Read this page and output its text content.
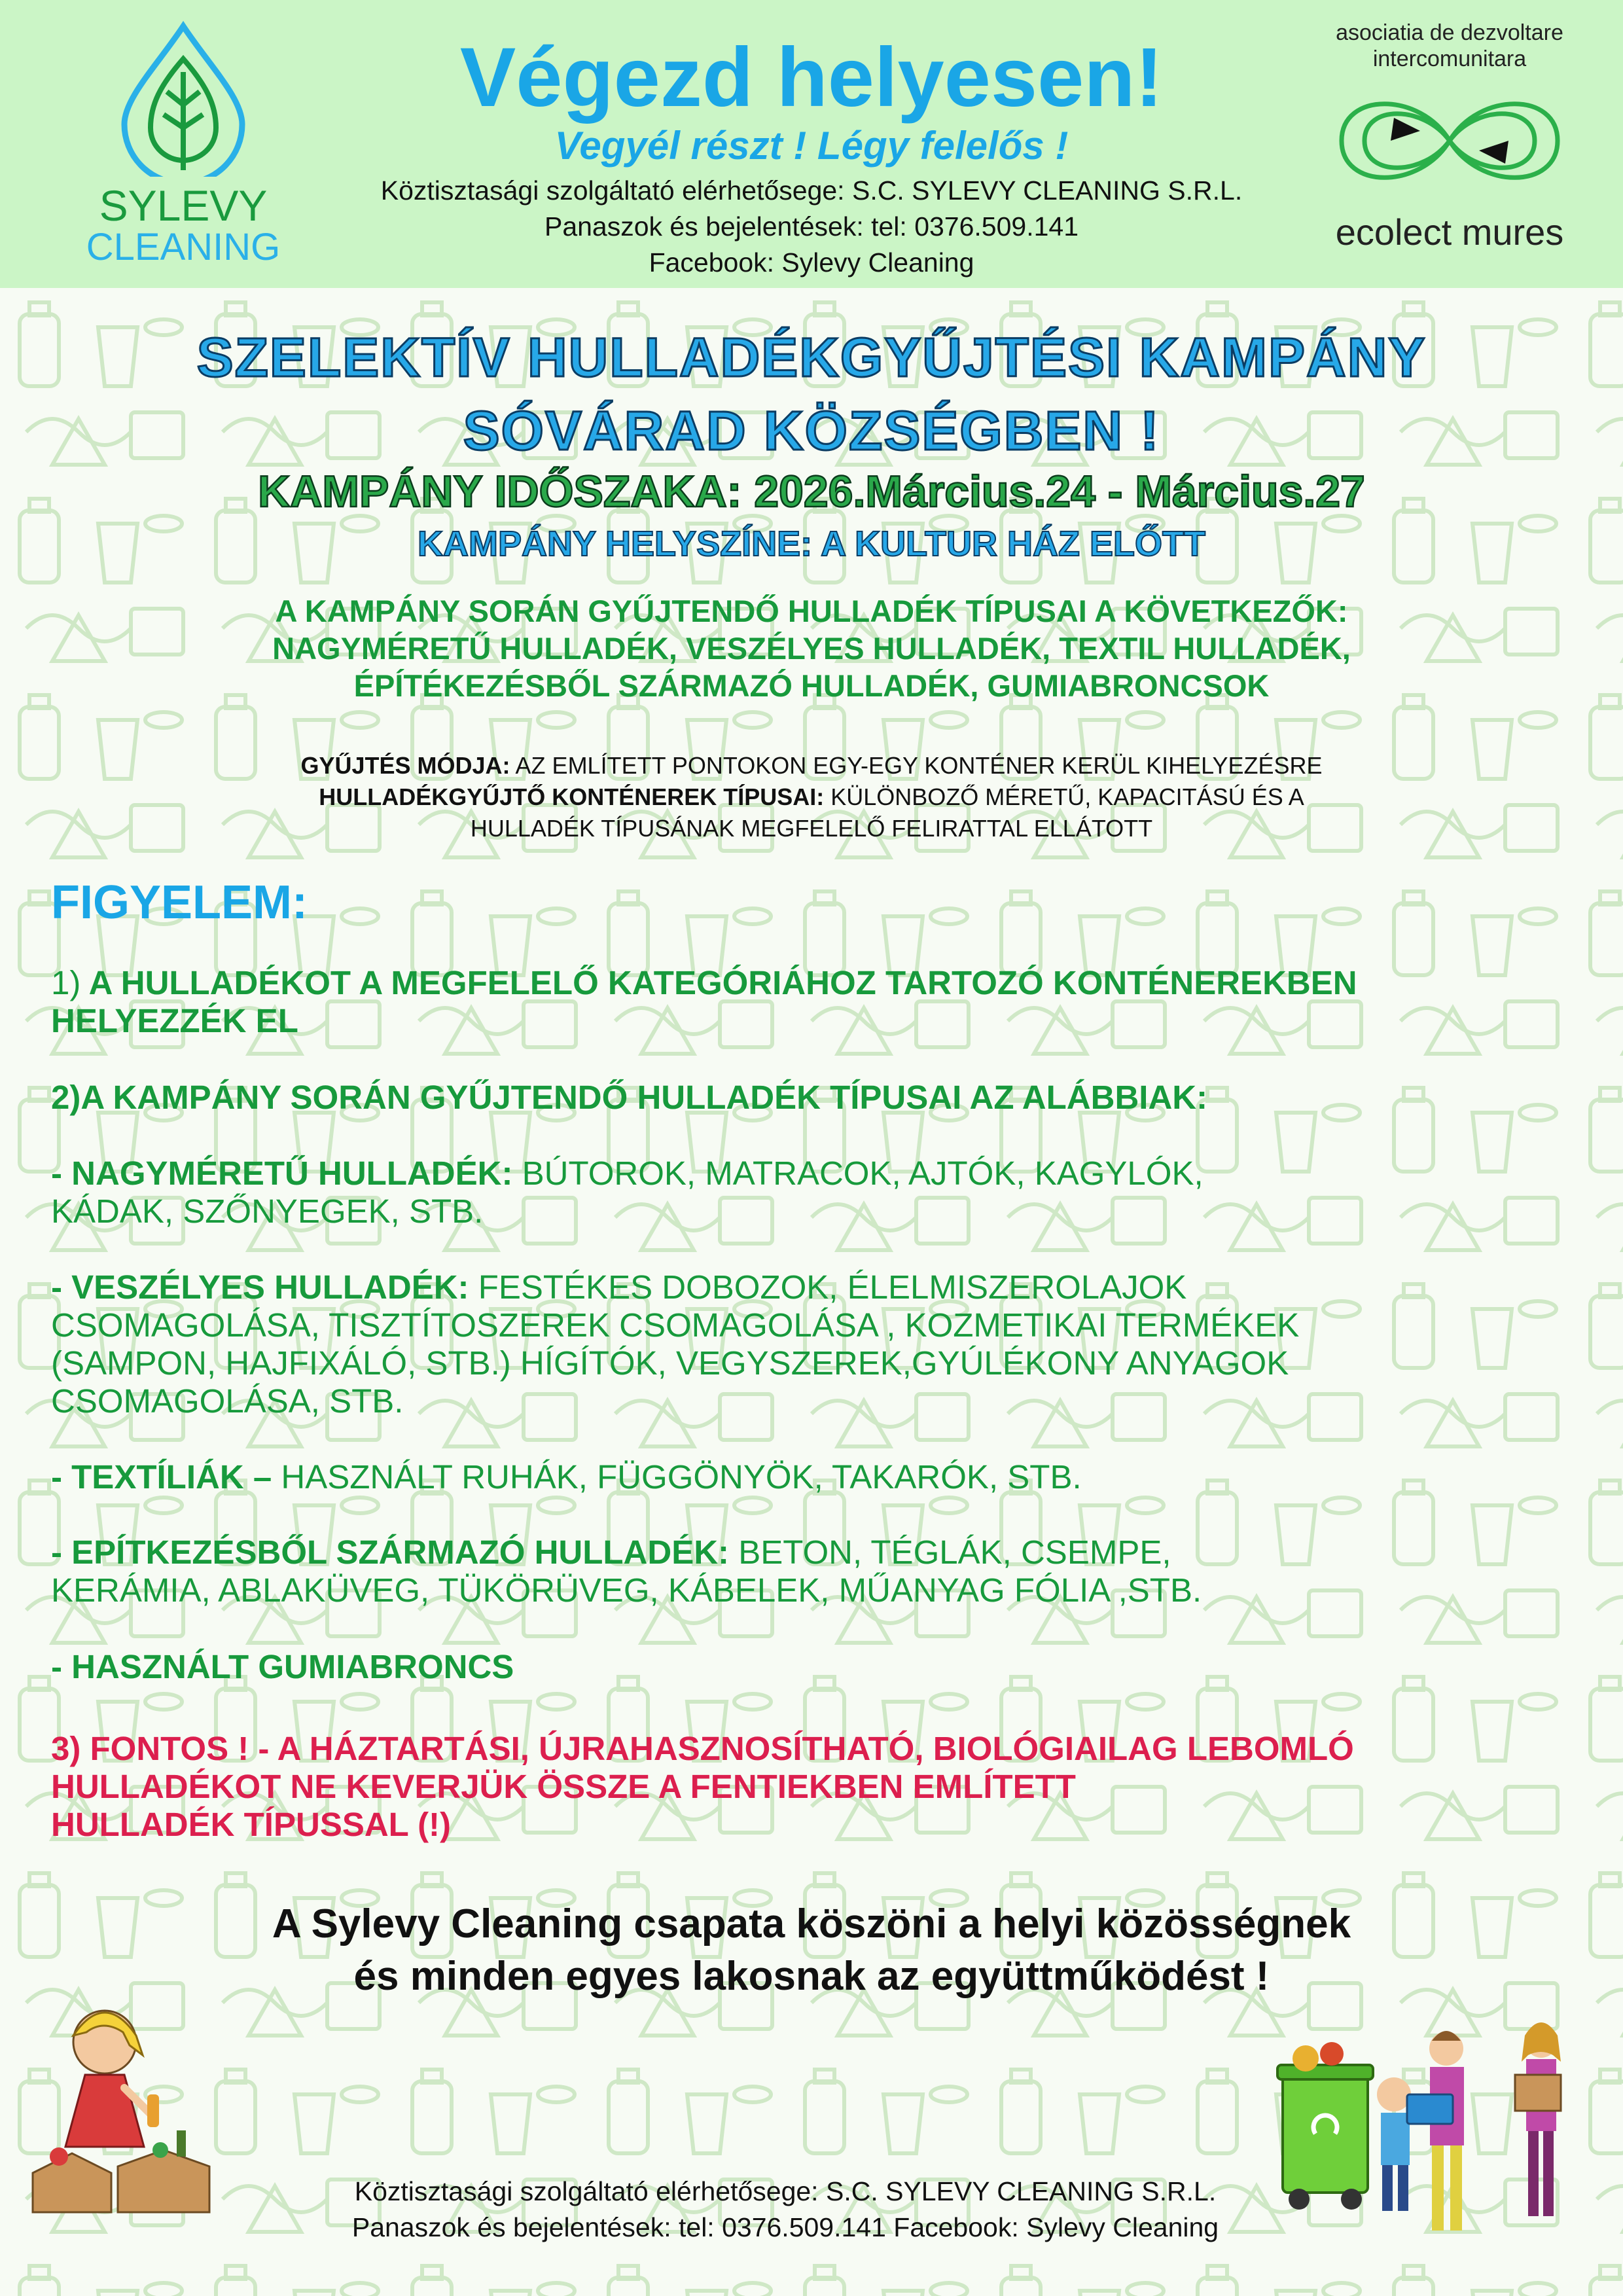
SYLEVY
CLEANING
Végezd helyesen!
Vegyél részt ! Légy felelős !
Köztisztasági szolgáltató elérhetősege: S.C. SYLEVY CLEANING S.R.L.
Panaszok és bejelentések: tel: 0376.509.141
Facebook: Sylevy Cleaning
asociatia de dezvoltare
intercomunitara
ecolect mures
SZELEKTÍV HULLADÉKGYŰJTÉSI KAMPÁNY
SÓVÁRAD KÖZSÉGBEN !
KAMPÁNY IDŐSZAKA: 2026.Március.24 - Március.27
KAMPÁNY HELYSZÍNE: A KULTUR HÁZ ELŐTT
A KAMPÁNY SORÁN GYŰJTENDŐ HULLADÉK TÍPUSAI A KÖVETKEZŐK:
NAGYMÉRETŰ HULLADÉK, VESZÉLYES HULLADÉK, TEXTIL HULLADÉK,
ÉPÍTÉKEZÉSBŐL SZÁRMAZÓ HULLADÉK, GUMIABRONCSOK
GYŰJTÉS MÓDJA: AZ EMLÍTETT PONTOKON EGY-EGY KONTÉNER KERÜL KIHELYEZÉSRE
HULLADÉKGYŰJTŐ KONTÉNEREK TÍPUSAI: KÜLÖNBOZŐ MÉRETŰ, KAPACITÁSÚ ÉS A
HULLADÉK TÍPUSÁNAK MEGFELELŐ FELIRATTAL ELLÁTOTT
FIGYELEM:
1) A HULLADÉKOT A MEGFELELŐ KATEGÓRIÁHOZ TARTOZÓ KONTÉNEREKBEN
HELYEZZÉK EL
2)A KAMPÁNY SORÁN GYŰJTENDŐ HULLADÉK TÍPUSAI AZ ALÁBBIAK:
- NAGYMÉRETŰ HULLADÉK: BÚTOROK, MATRACOK, AJTÓK, KAGYLÓK,
KÁDAK, SZŐNYEGEK, STB.
- VESZÉLYES HULLADÉK: FESTÉKES DOBOZOK, ÉLELMISZEROLAJOK
CSOMAGOLÁSA, TISZTÍTOSZEREK CSOMAGOLÁSA , KOZMETIKAI TERMÉKEK
(SAMPON, HAJFIXÁLÓ, STB.) HÍGÍTÓK, VEGYSZEREK,GYÚLÉKONY ANYAGOK
CSOMAGOLÁSA, STB.
- TEXTÍLIÁK – HASZNÁLT RUHÁK, FÜGGÖNYÖK, TAKARÓK, STB.
- EPÍTKEZÉSBŐL SZÁRMAZÓ HULLADÉK: BETON, TÉGLÁK, CSEMPE,
KERÁMIA, ABLAKÜVEG, TÜKÖRÜVEG, KÁBELEK, MŰANYAG FÓLIA ,STB.
- HASZNÁLT GUMIABRONCS
3) FONTOS ! - A HÁZTARTÁSI, ÚJRAHASZNOSÍTHATÓ, BIOLÓGIAILAG LEBOMLÓ
HULLADÉKOT NE KEVERJÜK ÖSSZE A FENTIEKBEN EMLÍTETT
HULLADÉK TÍPUSSAL (!)
A Sylevy Cleaning csapata köszöni a helyi közösségnek
és minden egyes lakosnak az együttműködést !
Köztisztasági szolgáltató elérhetősege: S.C. SYLEVY CLEANING S.R.L.
Panaszok és bejelentések: tel: 0376.509.141 Facebook: Sylevy Cleaning
